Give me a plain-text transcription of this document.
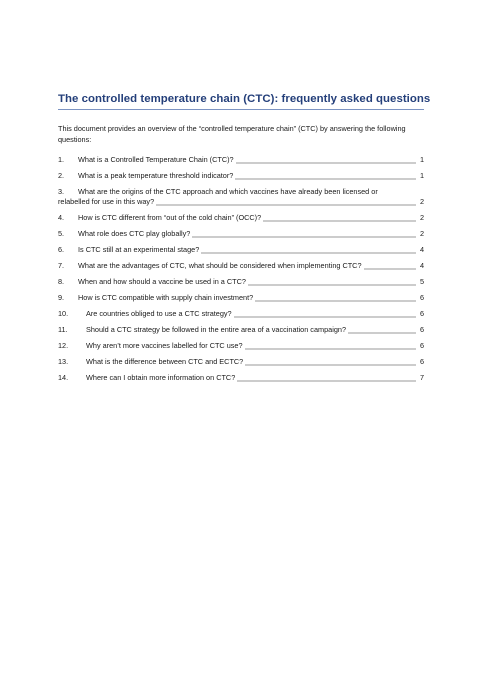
The controlled temperature chain (CTC): frequently asked questions
This document provides an overview of the “controlled temperature chain” (CTC) by answering the following questions:
1.	What is a Controlled Temperature Chain (CTC)?	1
2.	What is a peak temperature threshold indicator?	1
3. What are the origins of the CTC approach and which vaccines have already been licensed or
relabelled for use in this way?	2
4.	How is CTC different from “out of the cold chain” (OCC)?	2
5.	What role does CTC play globally?	2
6.	Is CTC still at an experimental stage?	4
7.	What are the advantages of CTC, what should be considered when implementing CTC?	4
8.	When and how should a vaccine be used in a CTC?	5
9.	How is CTC compatible with supply chain investment?	6
10.	Are countries obliged to use a CTC strategy?	6
11.	Should a CTC strategy be followed in the entire area of a vaccination campaign?	6
12.	Why aren’t more vaccines labelled for CTC use?	6
13.	What is the difference between CTC and ECTC?	6
14.	Where can I obtain more information on CTC?	7
